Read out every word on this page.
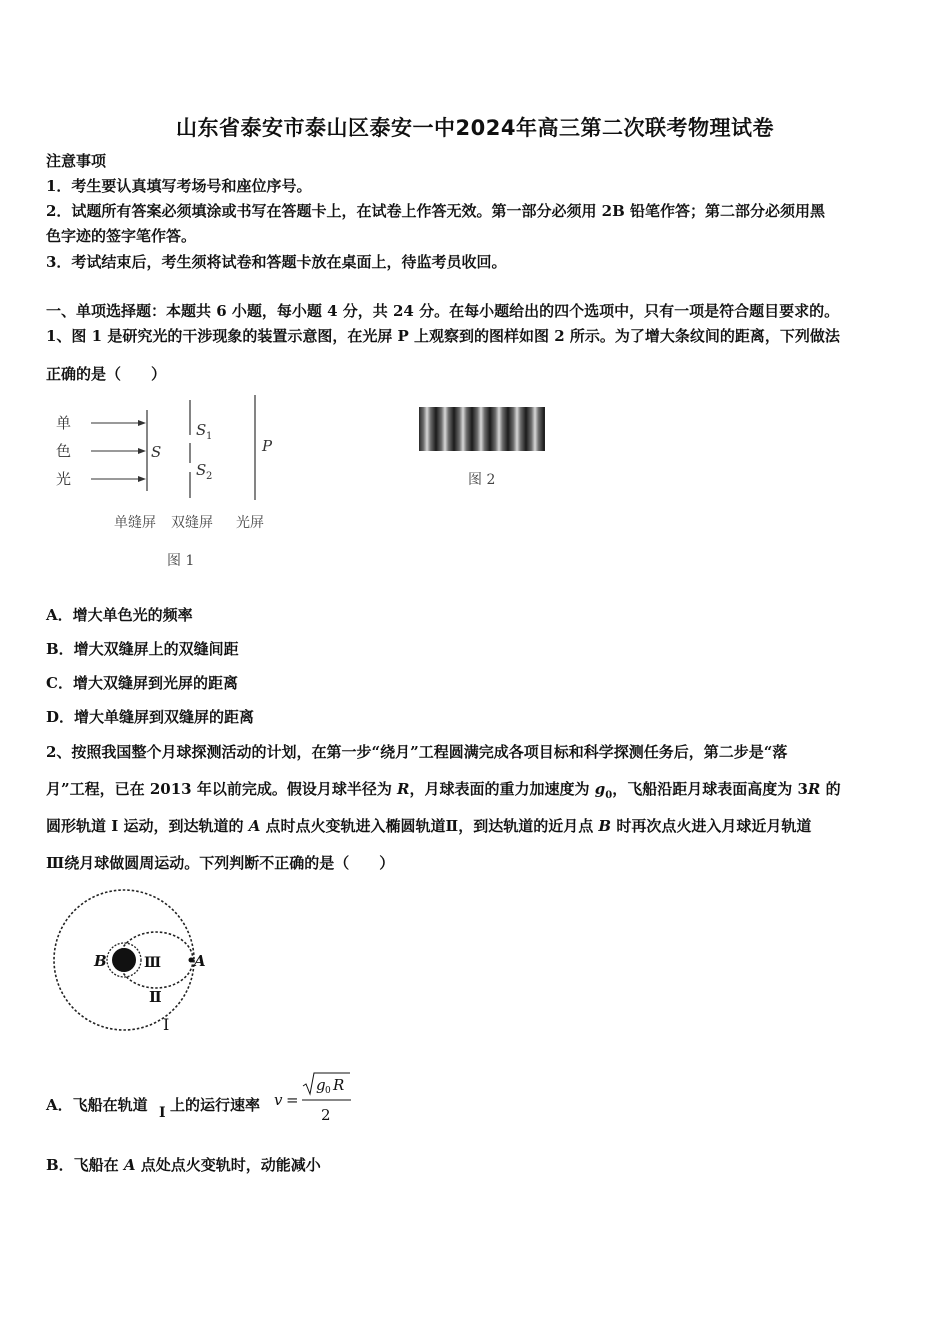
山东省泰安市泰山区泰安一中2024年高三第二次联考物理试卷
注意事项
1．考生要认真填写考场号和座位序号。
2．试题所有答案必须填涂或书写在答题卡上，在试卷上作答无效。第一部分必须用 2B 铅笔作答；第二部分必须用黑
色字迹的签字笔作答。
3．考试结束后，考生须将试卷和答题卡放在桌面上，待监考员收回。
一、单项选择题：本题共 6 小题，每小题 4 分，共 24 分。在每小题给出的四个选项中，只有一项是符合题目要求的。
1、图 1 是研究光的干涉现象的装置示意图，在光屏 P 上观察到的图样如图 2 所示。为了增大条纹间的距离，下列做法
正确的是（　　）
单
色
光
S
S 1
S 2
P
单缝屏 双缝屏 光屏
图 1
图 2
A．增大单色光的频率
B．增大双缝屏上的双缝间距
C．增大双缝屏到光屏的距离
D．增大单缝屏到双缝屏的距离
2、按照我国整个月球探测活动的计划，在第一步“绕月”工程圆满完成各项目标和科学探测任务后，第二步是“落
月”工程，已在 2013 年以前完成。假设月球半径为 R，月球表面的重力加速度为 $g_0$，飞船沿距月球表面高度为 3R 的
圆形轨道 I 运动，到达轨道的 A 点时点火变轨进入椭圆轨道Ⅱ，到达轨道的近月点 B 时再次点火进入月球近月轨道
Ⅲ绕月球做圆周运动。下列判断不正确的是（　　）
B	A
Ⅲ
Ⅱ
I
A．飞船在轨道 I 上的运行速率 v =
g 0 R
2
B．飞船在 A 点处点火变轨时，动能减小
